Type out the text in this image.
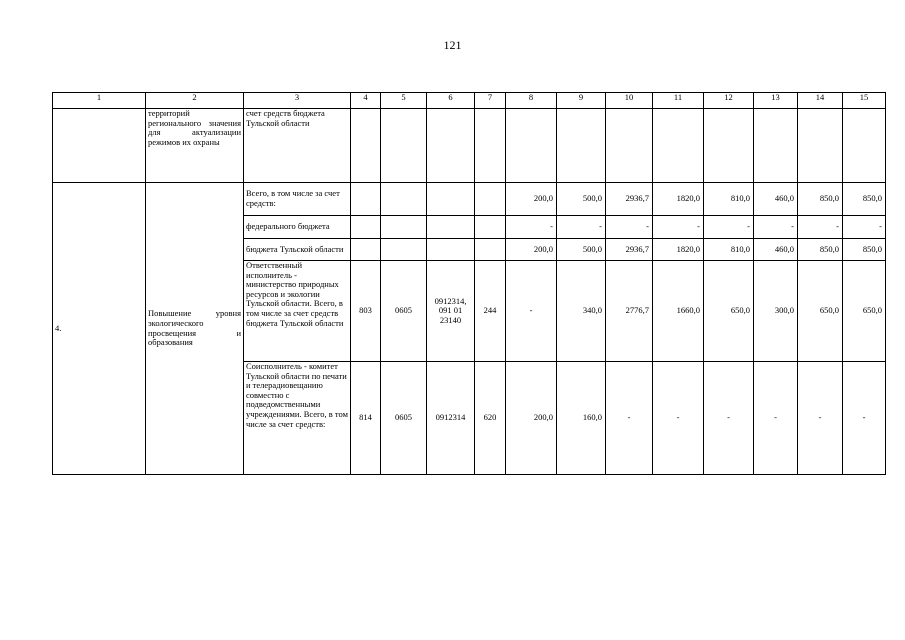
121
1	2	3	4	5	6	7	8	9	10	11	12	13	14	15
	территорий регионального значения для актуализации режимов их охраны	счет средств бюджета Тульской области												
4.	Повышение уровня экологического просвещения и образования	Всего, в том числе за счет средств:					200,0	500,0	2936,7	1820,0	810,0	460,0	850,0	850,0
		федерального бюджета					-	-	-	-	-	-	-	-
		бюджета Тульской области					200,0	500,0	2936,7	1820,0	810,0	460,0	850,0	850,0
		Ответственный исполнитель - министерство природных ресурсов и экологии Тульской области. Всего, в том числе за счет средств бюджета Тульской области	803	0605	0912314, 091 01 23140	244	-	340,0	2776,7	1660,0	650,0	300,0	650,0	650,0
		Соисполнитель - комитет Тульской области по печати и телерадиовещанию совместно с подведомственными учреждениями. Всего, в том числе за счет средств:	814	0605	0912314	620	200,0	160,0	-	-	-	-	-	-
